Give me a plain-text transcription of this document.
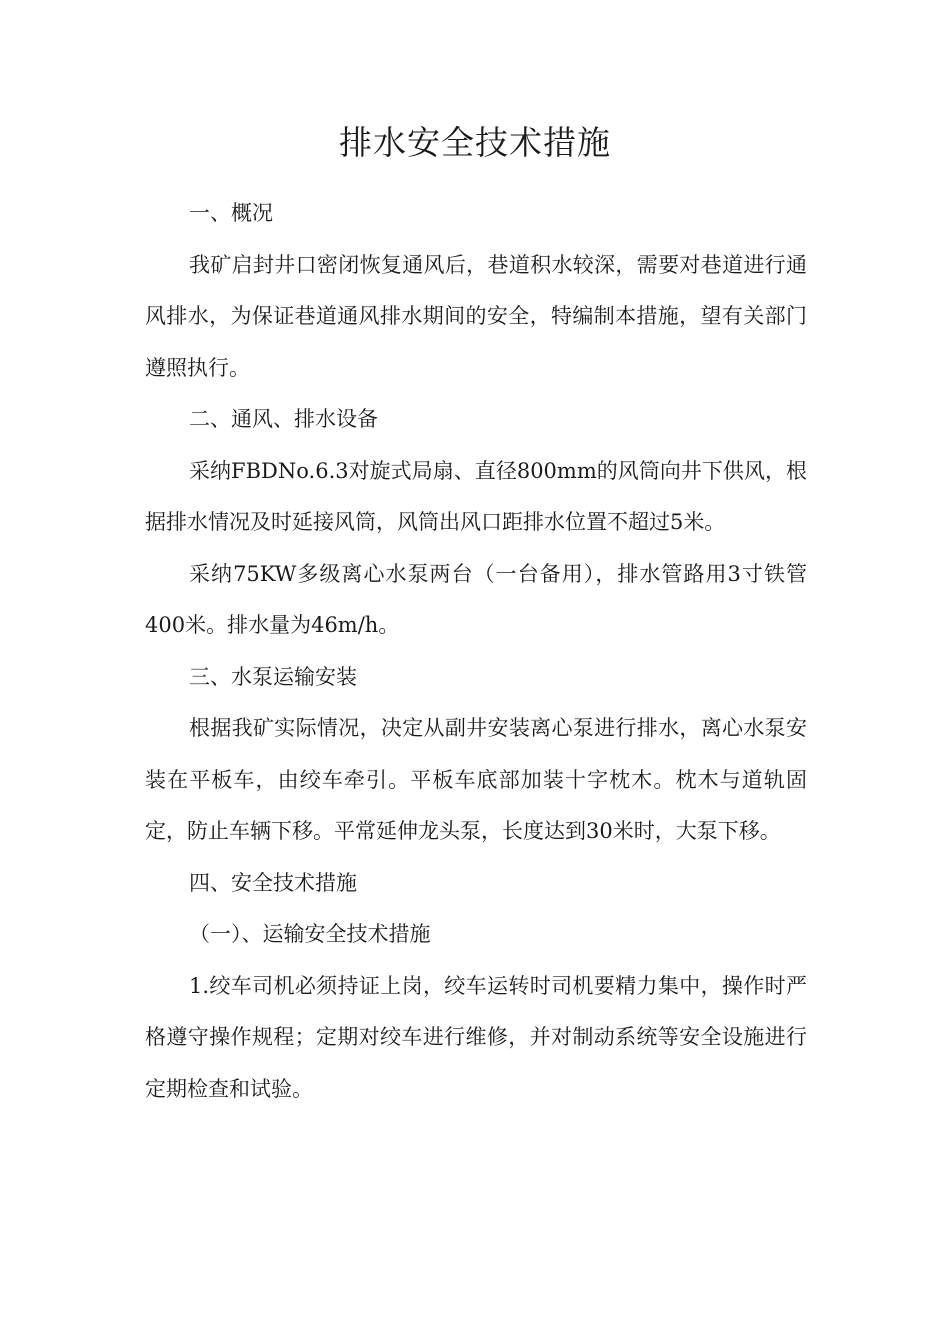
排水安全技术措施

一、概况

我矿启封井口密闭恢复通风后，巷道积水较深，需要对巷道进行通风排水，为保证巷道通风排水期间的安全，特编制本措施，望有关部门遵照执行。

二、通风、排水设备

采纳FBDNo.6.3对旋式局扇、直径800mm的风筒向井下供风，根据排水情况及时延接风筒，风筒出风口距排水位置不超过5米。

采纳75KW多级离心水泵两台（一台备用），排水管路用3寸铁管400米。排水量为46m/h。

三、水泵运输安装

根据我矿实际情况，决定从副井安装离心泵进行排水，离心水泵安装在平板车，由绞车牵引。平板车底部加装十字枕木。枕木与道轨固定，防止车辆下移。平常延伸龙头泵，长度达到30米时，大泵下移。

四、安全技术措施

（一）、运输安全技术措施

1.绞车司机必须持证上岗，绞车运转时司机要精力集中，操作时严格遵守操作规程；定期对绞车进行维修，并对制动系统等安全设施进行定期检查和试验。
